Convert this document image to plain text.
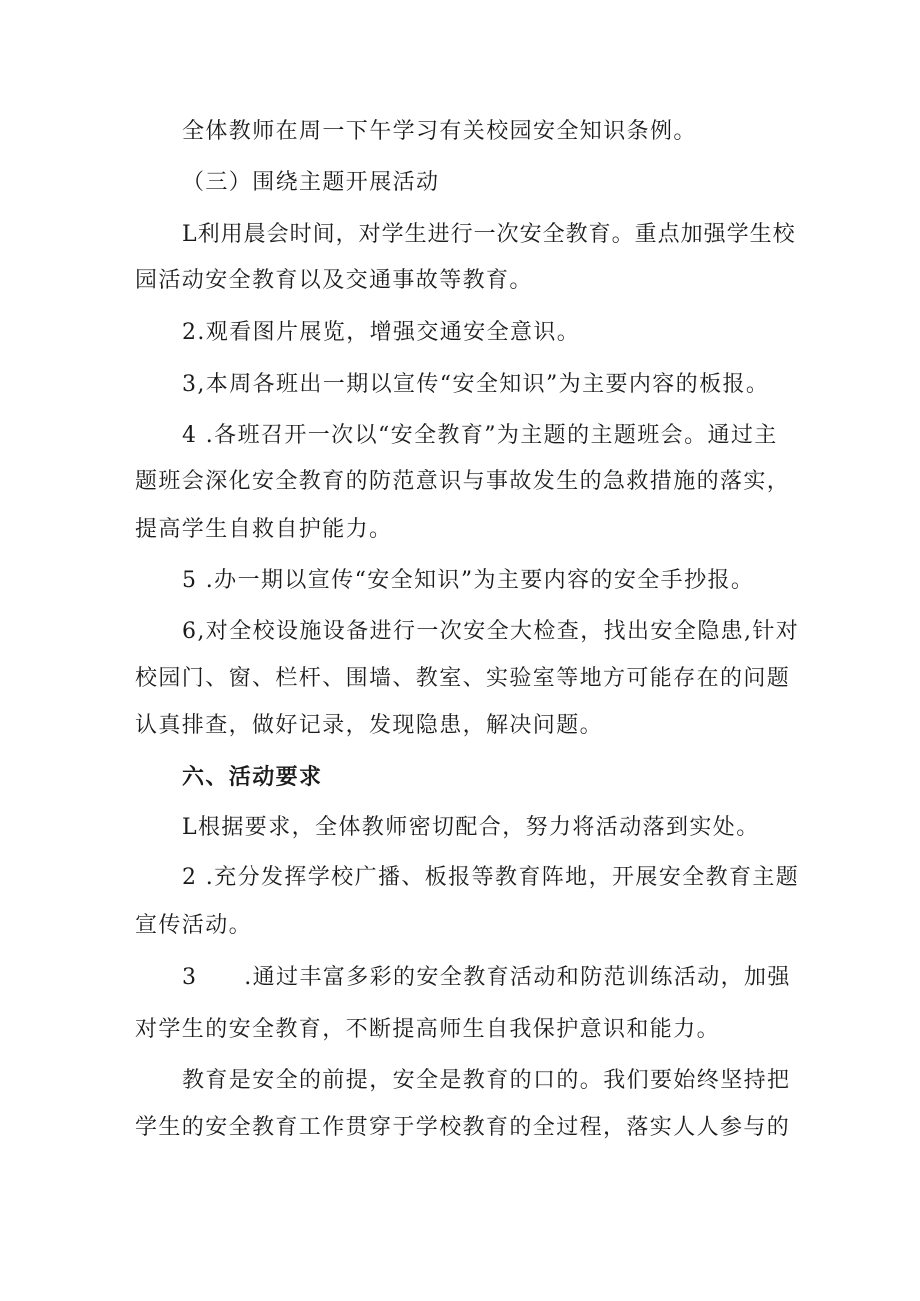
全体教师在周一下午学习有关校园安全知识条例。
（三）围绕主题开展活动
L利用晨会时间，对学生进行一次安全教育。重点加强学生校
园活动安全教育以及交通事故等教育。
2.观看图片展览，增强交通安全意识。
3,本周各班出一期以宣传“安全知识”为主要内容的板报。
4 .各班召开一次以“安全教育”为主题的主题班会。通过主
题班会深化安全教育的防范意识与事故发生的急救措施的落实，
提高学生自救自护能力。
5 .办一期以宣传“安全知识”为主要内容的安全手抄报。
6,对全校设施设备进行一次安全大检查，找出安全隐患,针对
校园门、窗、栏杆、围墙、教室、实验室等地方可能存在的问题
认真排查，做好记录，发现隐患，解决问题。
六、活动要求
L根据要求，全体教师密切配合，努力将活动落到实处。
2 .充分发挥学校广播、板报等教育阵地，开展安全教育主题
宣传活动。
3　　.通过丰富多彩的安全教育活动和防范训练活动，加强
对学生的安全教育，不断提高师生自我保护意识和能力。
教育是安全的前提，安全是教育的口的。我们要始终坚持把
学生的安全教育工作贯穿于学校教育的全过程，落实人人参与的
